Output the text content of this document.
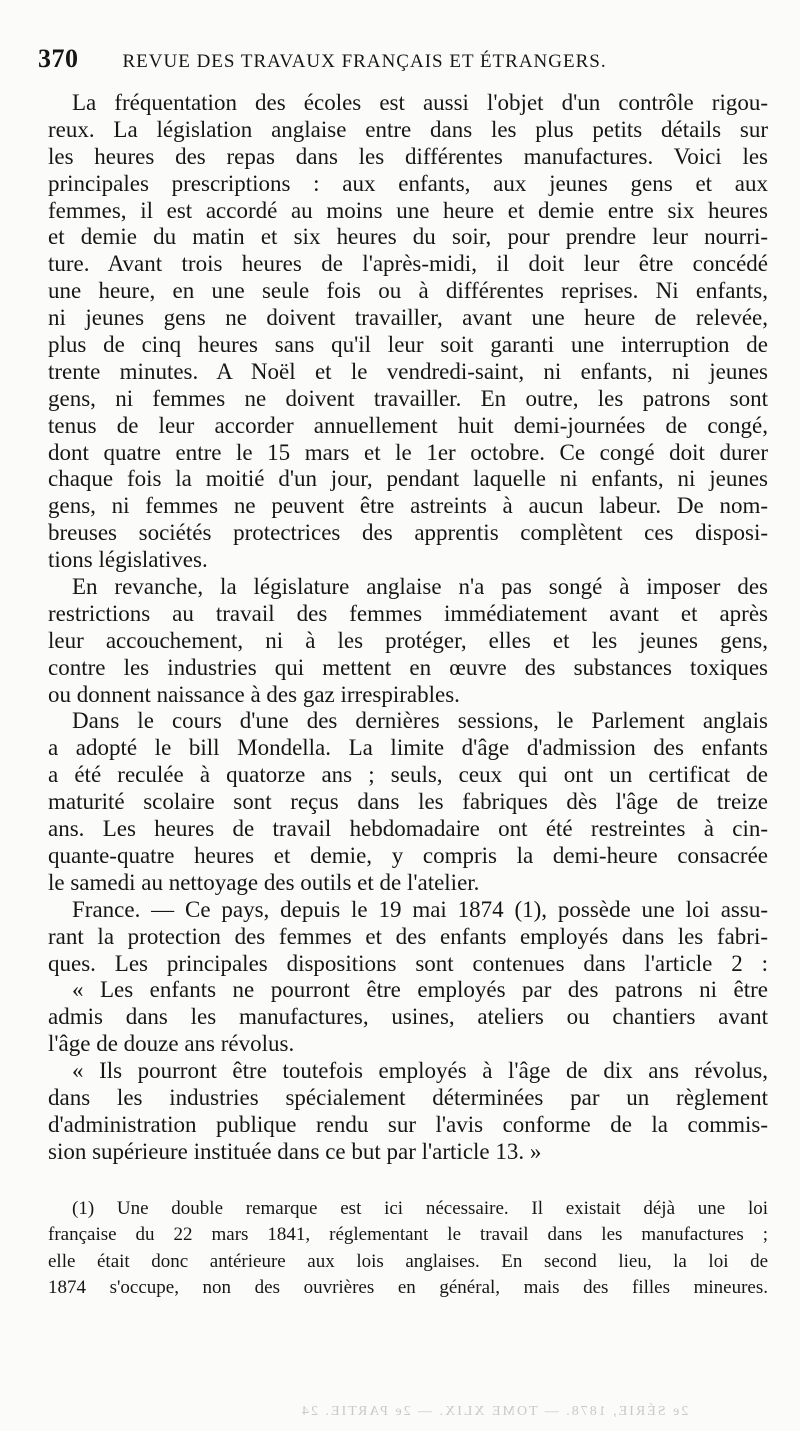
370 REVUE DES TRAVAUX FRANÇAIS ET ÉTRANGERS.
La fréquentation des écoles est aussi l'objet d'un contrôle rigou-
reux. La législation anglaise entre dans les plus petits détails sur
les heures des repas dans les différentes manufactures. Voici les
principales prescriptions : aux enfants, aux jeunes gens et aux
femmes, il est accordé au moins une heure et demie entre six heures
et demie du matin et six heures du soir, pour prendre leur nourri-
ture. Avant trois heures de l'après-midi, il doit leur être concédé
une heure, en une seule fois ou à différentes reprises. Ni enfants,
ni jeunes gens ne doivent travailler, avant une heure de relevée,
plus de cinq heures sans qu'il leur soit garanti une interruption de
trente minutes. A Noël et le vendredi-saint, ni enfants, ni jeunes
gens, ni femmes ne doivent travailler. En outre, les patrons sont
tenus de leur accorder annuellement huit demi-journées de congé,
dont quatre entre le 15 mars et le 1er octobre. Ce congé doit durer
chaque fois la moitié d'un jour, pendant laquelle ni enfants, ni jeunes
gens, ni femmes ne peuvent être astreints à aucun labeur. De nom-
breuses sociétés protectrices des apprentis complètent ces disposi-
tions législatives.
En revanche, la législature anglaise n'a pas songé à imposer des
restrictions au travail des femmes immédiatement avant et après
leur accouchement, ni à les protéger, elles et les jeunes gens,
contre les industries qui mettent en œuvre des substances toxiques
ou donnent naissance à des gaz irrespirables.
Dans le cours d'une des dernières sessions, le Parlement anglais
a adopté le bill Mondella. La limite d'âge d'admission des enfants
a été reculée à quatorze ans ; seuls, ceux qui ont un certificat de
maturité scolaire sont reçus dans les fabriques dès l'âge de treize
ans. Les heures de travail hebdomadaire ont été restreintes à cin-
quante-quatre heures et demie, y compris la demi-heure consacrée
le samedi au nettoyage des outils et de l'atelier.
France. — Ce pays, depuis le 19 mai 1874 (1), possède une loi assu-
rant la protection des femmes et des enfants employés dans les fabri-
ques. Les principales dispositions sont contenues dans l'article 2 :
« Les enfants ne pourront être employés par des patrons ni être
admis dans les manufactures, usines, ateliers ou chantiers avant
l'âge de douze ans révolus.
« Ils pourront être toutefois employés à l'âge de dix ans révolus,
dans les industries spécialement déterminées par un règlement
d'administration publique rendu sur l'avis conforme de la commis-
sion supérieure instituée dans ce but par l'article 13. »
(1) Une double remarque est ici nécessaire. Il existait déjà une loi
française du 22 mars 1841, réglementant le travail dans les manufactures ;
elle était donc antérieure aux lois anglaises. En second lieu, la loi de
1874 s'occupe, non des ouvrières en général, mais des filles mineures.
2e SÉRIE, 1878. — TOME XLIX. — 2e PARTIE. 24
